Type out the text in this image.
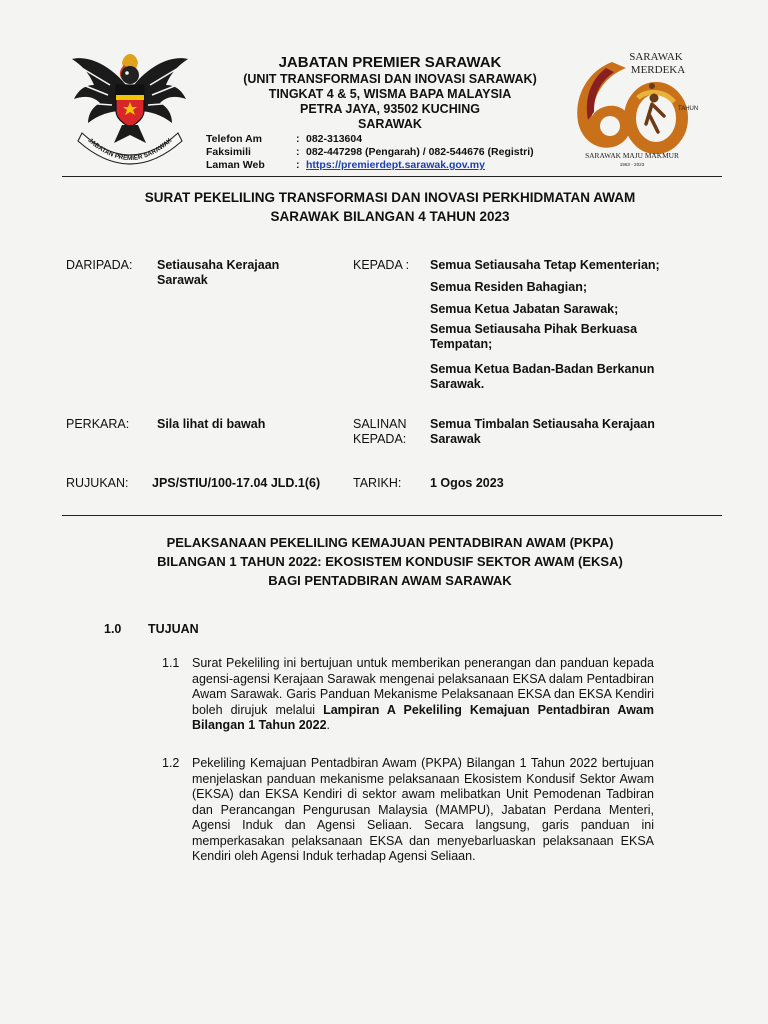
JABATAN PREMIER SARAWAK
JABATAN PREMIER SARAWAK
(UNIT TRANSFORMASI DAN INOVASI SARAWAK)
TINGKAT 4 & 5, WISMA BAPA MALAYSIA
PETRA JAYA, 93502 KUCHING
SARAWAK
Telefon Am	: 082-313604
Faksimili	: 082-447298 (Pengarah) / 082-544676 (Registri)
Laman Web	: https://premierdept.sarawak.gov.my
SARAWAK
MERDEKA
TAHUN
SARAWAK MAJU MAKMUR
1963 - 2023
SURAT PEKELILING TRANSFORMASI DAN INOVASI PERKHIDMATAN AWAM
SARAWAK BILANGAN 4 TAHUN 2023
DARIPADA: Setiausaha Kerajaan
Sarawak
KEPADA : Semua Setiausaha Tetap Kementerian;
Semua Residen Bahagian;
Semua Ketua Jabatan Sarawak;
Semua Setiausaha Pihak Berkuasa
Tempatan;
Semua Ketua Badan-Badan Berkanun
Sarawak.
PERKARA: Sila lihat di bawah	SALINAN
KEPADA:
Semua Timbalan Setiausaha Kerajaan
Sarawak
RUJUKAN: JPS/STIU/100-17.04 JLD.1(6)	TARIKH: 1 Ogos 2023
PELAKSANAAN PEKELILING KEMAJUAN PENTADBIRAN AWAM (PKPA)
BILANGAN 1 TAHUN 2022: EKOSISTEM KONDUSIF SEKTOR AWAM (EKSA)
BAGI PENTADBIRAN AWAM SARAWAK
1.0 TUJUAN
1.1 Surat Pekeliling ini bertujuan untuk memberikan penerangan dan panduan kepada agensi-agensi Kerajaan Sarawak mengenai pelaksanaan EKSA dalam Pentadbiran Awam Sarawak. Garis Panduan Mekanisme Pelaksanaan EKSA dan EKSA Kendiri boleh dirujuk melalui Lampiran A Pekeliling Kemajuan Pentadbiran Awam Bilangan 1 Tahun 2022.
1.2 Pekeliling Kemajuan Pentadbiran Awam (PKPA) Bilangan 1 Tahun 2022 bertujuan menjelaskan panduan mekanisme pelaksanaan Ekosistem Kondusif Sektor Awam (EKSA) dan EKSA Kendiri di sektor awam melibatkan Unit Pemodenan Tadbiran dan Perancangan Pengurusan Malaysia (MAMPU), Jabatan Perdana Menteri, Agensi Induk dan Agensi Seliaan. Secara langsung, garis panduan ini memperkasakan pelaksanaan EKSA dan menyebarluaskan pelaksanaan EKSA Kendiri oleh Agensi Induk terhadap Agensi Seliaan.
